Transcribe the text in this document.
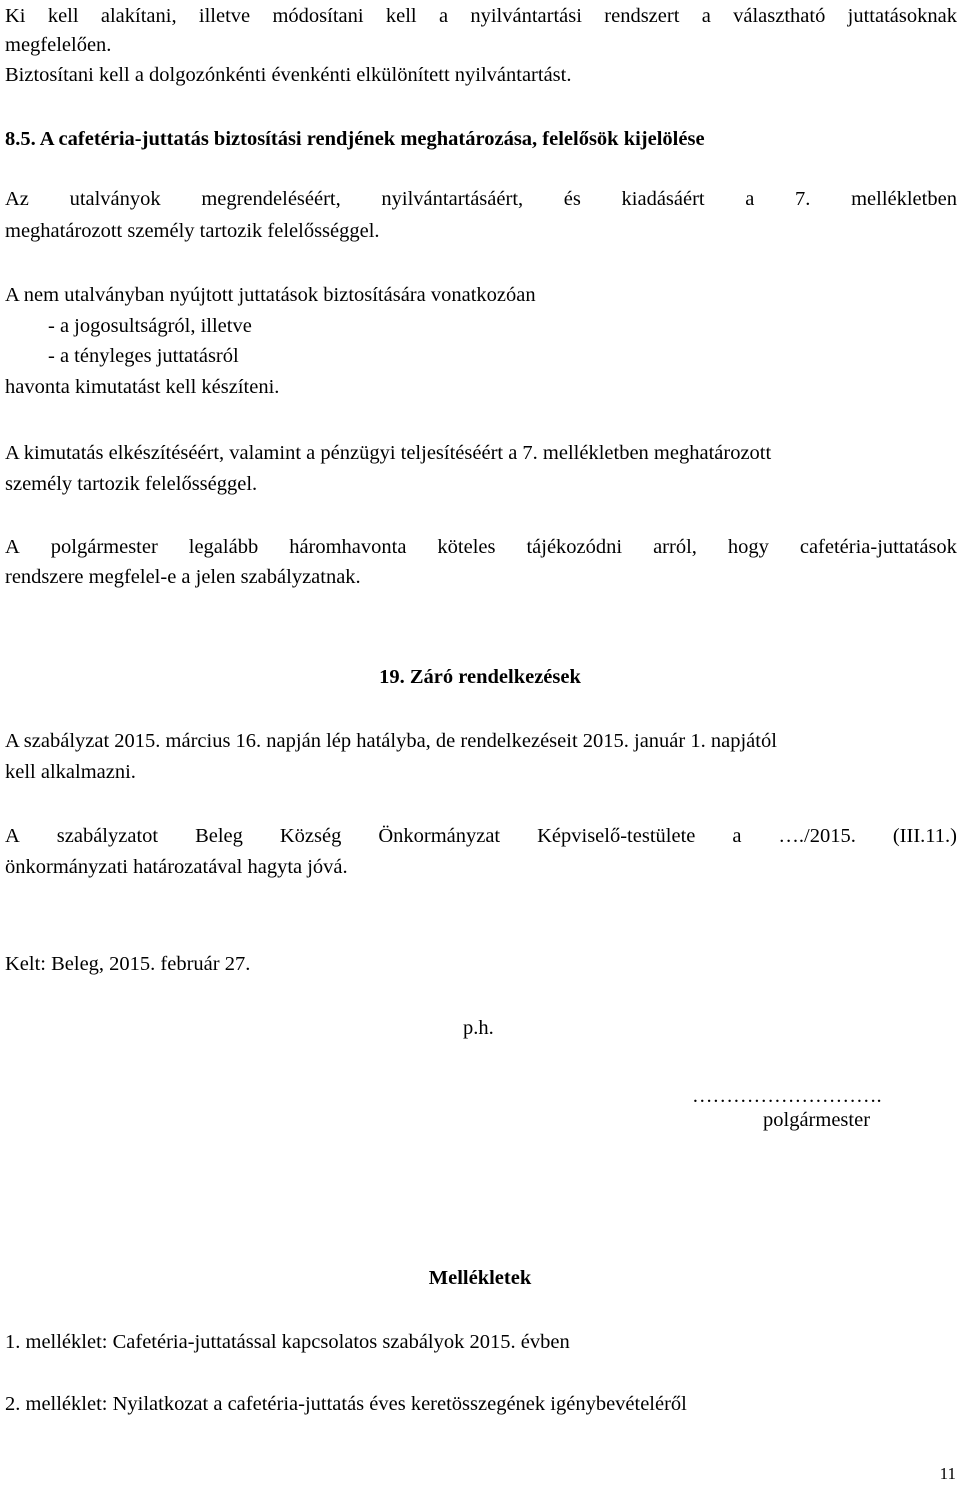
Ki kell alakítani, illetve módosítani kell a nyilvántartási rendszert a választható juttatásoknak
megfelelően.
Biztosítani kell a dolgozónkénti évenkénti elkülönített nyilvántartást.
8.5. A cafetéria-juttatás biztosítási rendjének meghatározása, felelősök kijelölése
Az utalványok megrendeléséért, nyilvántartásáért, és kiadásáért a 7. mellékletben
meghatározott személy tartozik felelősséggel.
A nem utalványban nyújtott juttatások biztosítására vonatkozóan
- a jogosultságról, illetve
- a tényleges juttatásról
havonta kimutatást kell készíteni.
A kimutatás elkészítéséért, valamint a pénzügyi teljesítéséért a 7. mellékletben meghatározott
személy tartozik felelősséggel.
A polgármester legalább háromhavonta köteles tájékozódni arról, hogy cafetéria-juttatások
rendszere megfelel-e a jelen szabályzatnak.
19. Záró rendelkezések
A szabályzat 2015. március 16. napján lép hatályba, de rendelkezéseit 2015. január 1. napjától
kell alkalmazni.
A szabályzatot Beleg Község Önkormányzat Képviselő-testülete a …./2015. (III.11.)
önkormányzati határozatával hagyta jóvá.
Kelt: Beleg, 2015. február 27.
p.h.
……………………….
polgármester
Mellékletek
1. melléklet: Cafetéria-juttatással kapcsolatos szabályok 2015. évben
2. melléklet: Nyilatkozat a cafetéria-juttatás éves keretösszegének igénybevételéről
11
